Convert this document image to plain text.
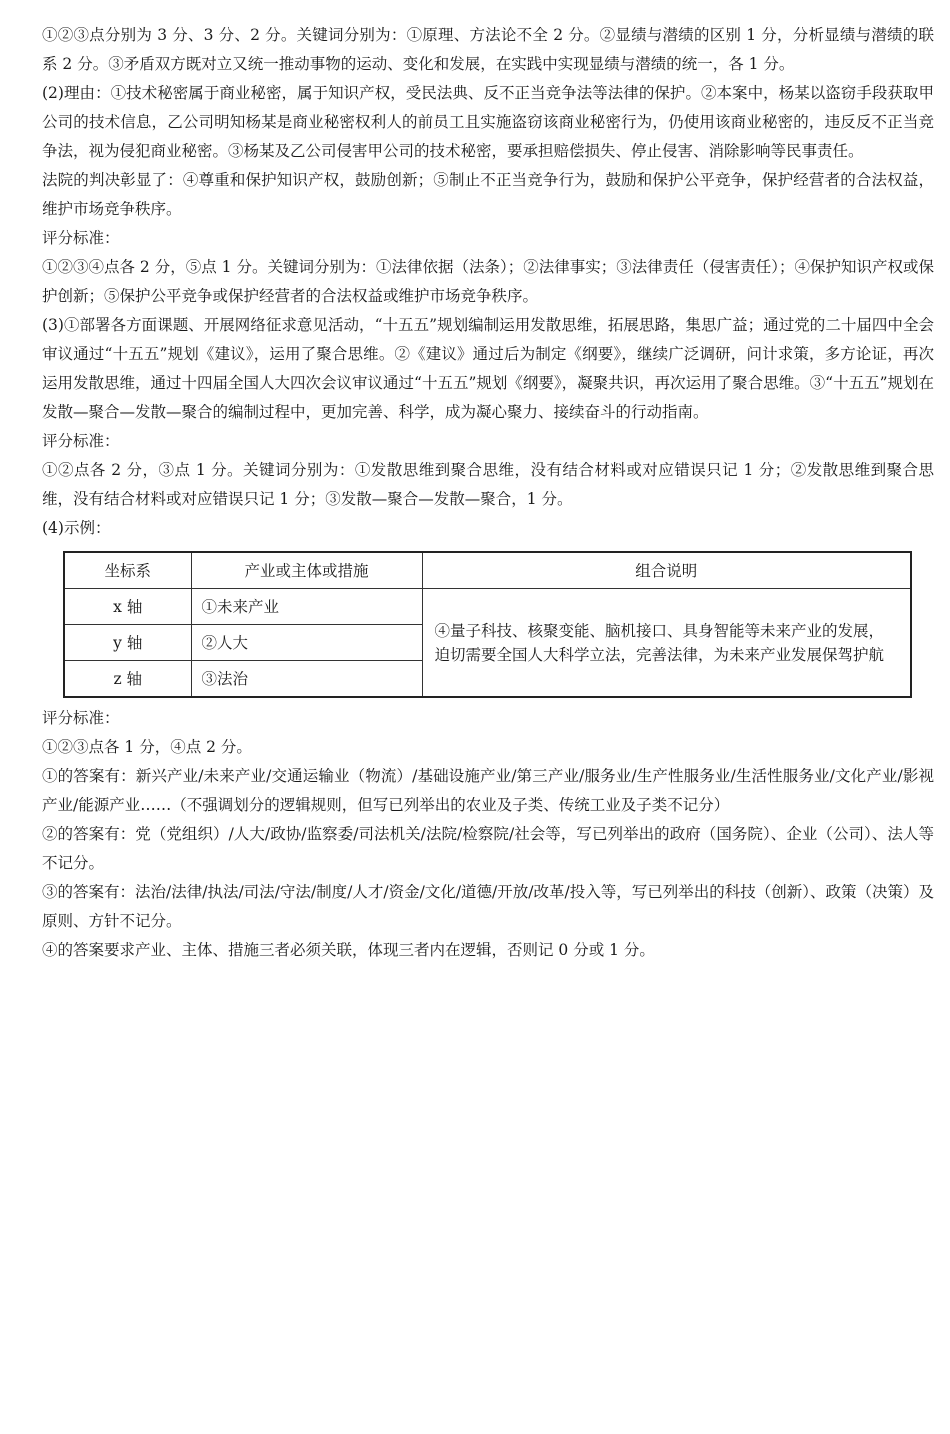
①②③点分别为 3 分、3 分、2 分。关键词分别为：①原理、方法论不全 2 分。②显绩与潜绩的区别 1 分，分析显绩与潜绩的联系 2 分。③矛盾双方既对立又统一推动事物的运动、变化和发展，在实践中实现显绩与潜绩的统一，各 1 分。

(2)理由：①技术秘密属于商业秘密，属于知识产权，受民法典、反不正当竞争法等法律的保护。②本案中，杨某以盗窃手段获取甲公司的技术信息，乙公司明知杨某是商业秘密权利人的前员工且实施盗窃该商业秘密行为，仍使用该商业秘密的，违反反不正当竞争法，视为侵犯商业秘密。③杨某及乙公司侵害甲公司的技术秘密，要承担赔偿损失、停止侵害、消除影响等民事责任。

法院的判决彰显了：④尊重和保护知识产权，鼓励创新；⑤制止不正当竞争行为，鼓励和保护公平竞争，保护经营者的合法权益，维护市场竞争秩序。

评分标准：

①②③④点各 2 分，⑤点 1 分。关键词分别为：①法律依据（法条）；②法律事实；③法律责任（侵害责任）；④保护知识产权或保护创新；⑤保护公平竞争或保护经营者的合法权益或维护市场竞争秩序。

(3)①部署各方面课题、开展网络征求意见活动，“十五五”规划编制运用发散思维，拓展思路，集思广益；通过党的二十届四中全会审议通过“十五五”规划《建议》，运用了聚合思维。②《建议》通过后为制定《纲要》，继续广泛调研，问计求策，多方论证，再次运用发散思维，通过十四届全国人大四次会议审议通过“十五五”规划《纲要》，凝聚共识，再次运用了聚合思维。③“十五五”规划在发散—聚合—发散—聚合的编制过程中，更加完善、科学，成为凝心聚力、接续奋斗的行动指南。

评分标准：

①②点各 2 分，③点 1 分。关键词分别为：①发散思维到聚合思维，没有结合材料或对应错误只记 1 分；②发散思维到聚合思维，没有结合材料或对应错误只记 1 分；③发散—聚合—发散—聚合，1 分。

(4)示例：

坐标系	产业或主体或措施	组合说明
x 轴	①未来产业	④量子科技、核聚变能、脑机接口、具身智能等未来产业的发展，迫切需要全国人大科学立法，完善法律，为未来产业发展保驾护航
y 轴	②人大	
z 轴	③法治	

评分标准：

①②③点各 1 分，④点 2 分。

①的答案有：新兴产业/未来产业/交通运输业（物流）/基础设施产业/第三产业/服务业/生产性服务业/生活性服务业/文化产业/影视产业/能源产业……（不强调划分的逻辑规则，但写已列举出的农业及子类、传统工业及子类不记分）

②的答案有：党（党组织）/人大/政协/监察委/司法机关/法院/检察院/社会等，写已列举出的政府（国务院）、企业（公司）、法人等不记分。

③的答案有：法治/法律/执法/司法/守法/制度/人才/资金/文化/道德/开放/改革/投入等，写已列举出的科技（创新）、政策（决策）及原则、方针不记分。

④的答案要求产业、主体、措施三者必须关联，体现三者内在逻辑，否则记 0 分或 1 分。
